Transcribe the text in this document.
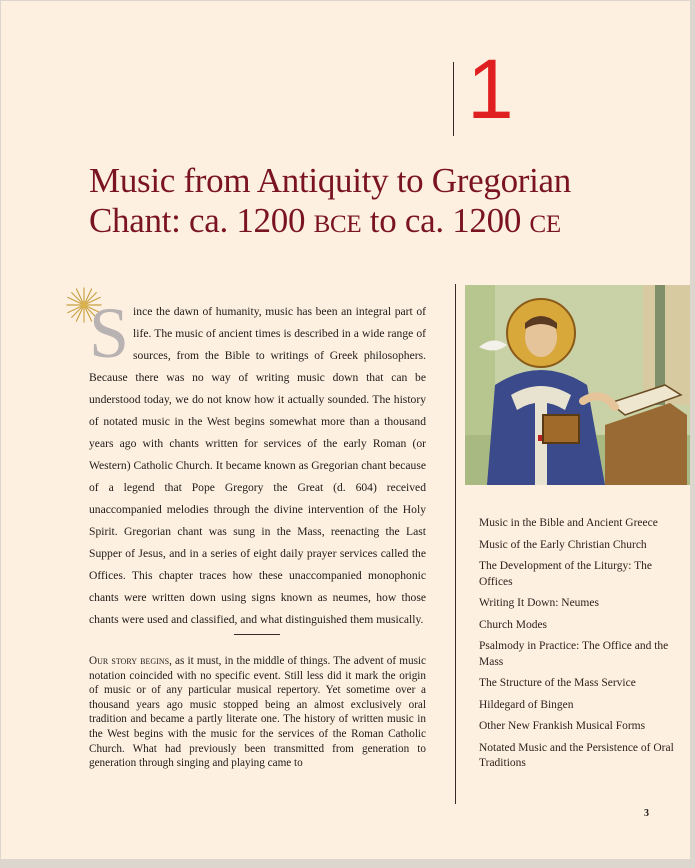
1
Music from Antiquity to Gregorian Chant: ca. 1200 bce to ca. 1200 ce
Since the dawn of humanity, music has been an integral part of life. The music of ancient times is described in a wide range of sources, from the Bible to writings of Greek philosophers. Because there was no way of writing music down that can be understood today, we do not know how it actually sounded. The history of notated music in the West begins somewhat more than a thousand years ago with chants written for services of the early Roman (or Western) Catholic Church. It became known as Gregorian chant because of a legend that Pope Gregory the Great (d. 604) received unaccompanied melodies through the divine intervention of the Holy Spirit. Gregorian chant was sung in the Mass, reenacting the Last Supper of Jesus, and in a series of eight daily prayer services called the Offices. This chapter traces how these unaccompanied monophonic chants were written down using signs known as neumes, how those chants were used and classified, and what distinguished them musically.
Our story begins, as it must, in the middle of things. The advent of music notation coincided with no specific event. Still less did it mark the origin of music or of any particular musical repertory. Yet sometime over a thousand years ago music stopped being an almost exclusively oral tradition and became a partly literate one. The history of written music in the West begins with the music for the services of the Roman Catholic Church. What had previously been transmitted from generation to generation through singing and playing came to
Music in the Bible and Ancient Greece
Music of the Early Christian Church
The Development of the Liturgy: The Offices
Writing It Down: Neumes
Church Modes
Psalmody in Practice: The Office and the Mass
The Structure of the Mass Service
Hildegard of Bingen
Other New Frankish Musical Forms
Notated Music and the Persistence of Oral Traditions
3
